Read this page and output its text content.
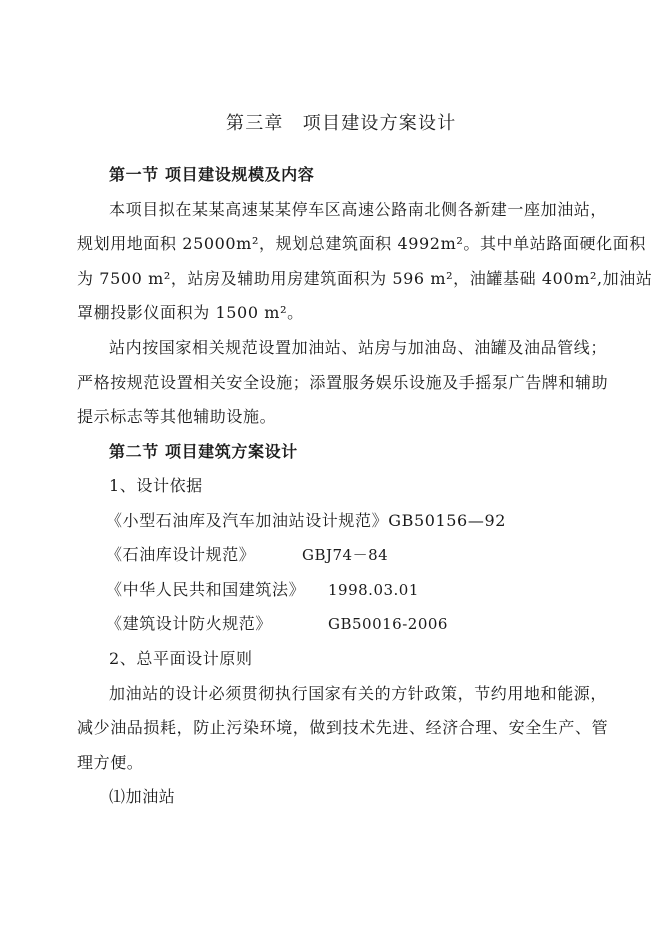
第三章　项目建设方案设计
第一节 项目建设规模及内容
本项目拟在某某高速某某停车区高速公路南北侧各新建一座加油站，
规划用地面积 25000m²，规划总建筑面积 4992m²。其中单站路面硬化面积
为 7500 m²，站房及辅助用房建筑面积为 596 m²，油罐基础 400m²,加油站
罩棚投影仪面积为 1500 m²。
站内按国家相关规范设置加油站、站房与加油岛、油罐及油品管线；
严格按规范设置相关安全设施；添置服务娱乐设施及手摇泵广告牌和辅助
提示标志等其他辅助设施。
第二节 项目建筑方案设计
1、设计依据
《小型石油库及汽车加油站设计规范》GB50156—92
《石油库设计规范》	GBJ74－84
《中华人民共和国建筑法》 1998.03.01
《建筑设计防火规范》	GB50016-2006
2、总平面设计原则
加油站的设计必须贯彻执行国家有关的方针政策，节约用地和能源，
减少油品损耗，防止污染环境，做到技术先进、经济合理、安全生产、管
理方便。
⑴加油站
